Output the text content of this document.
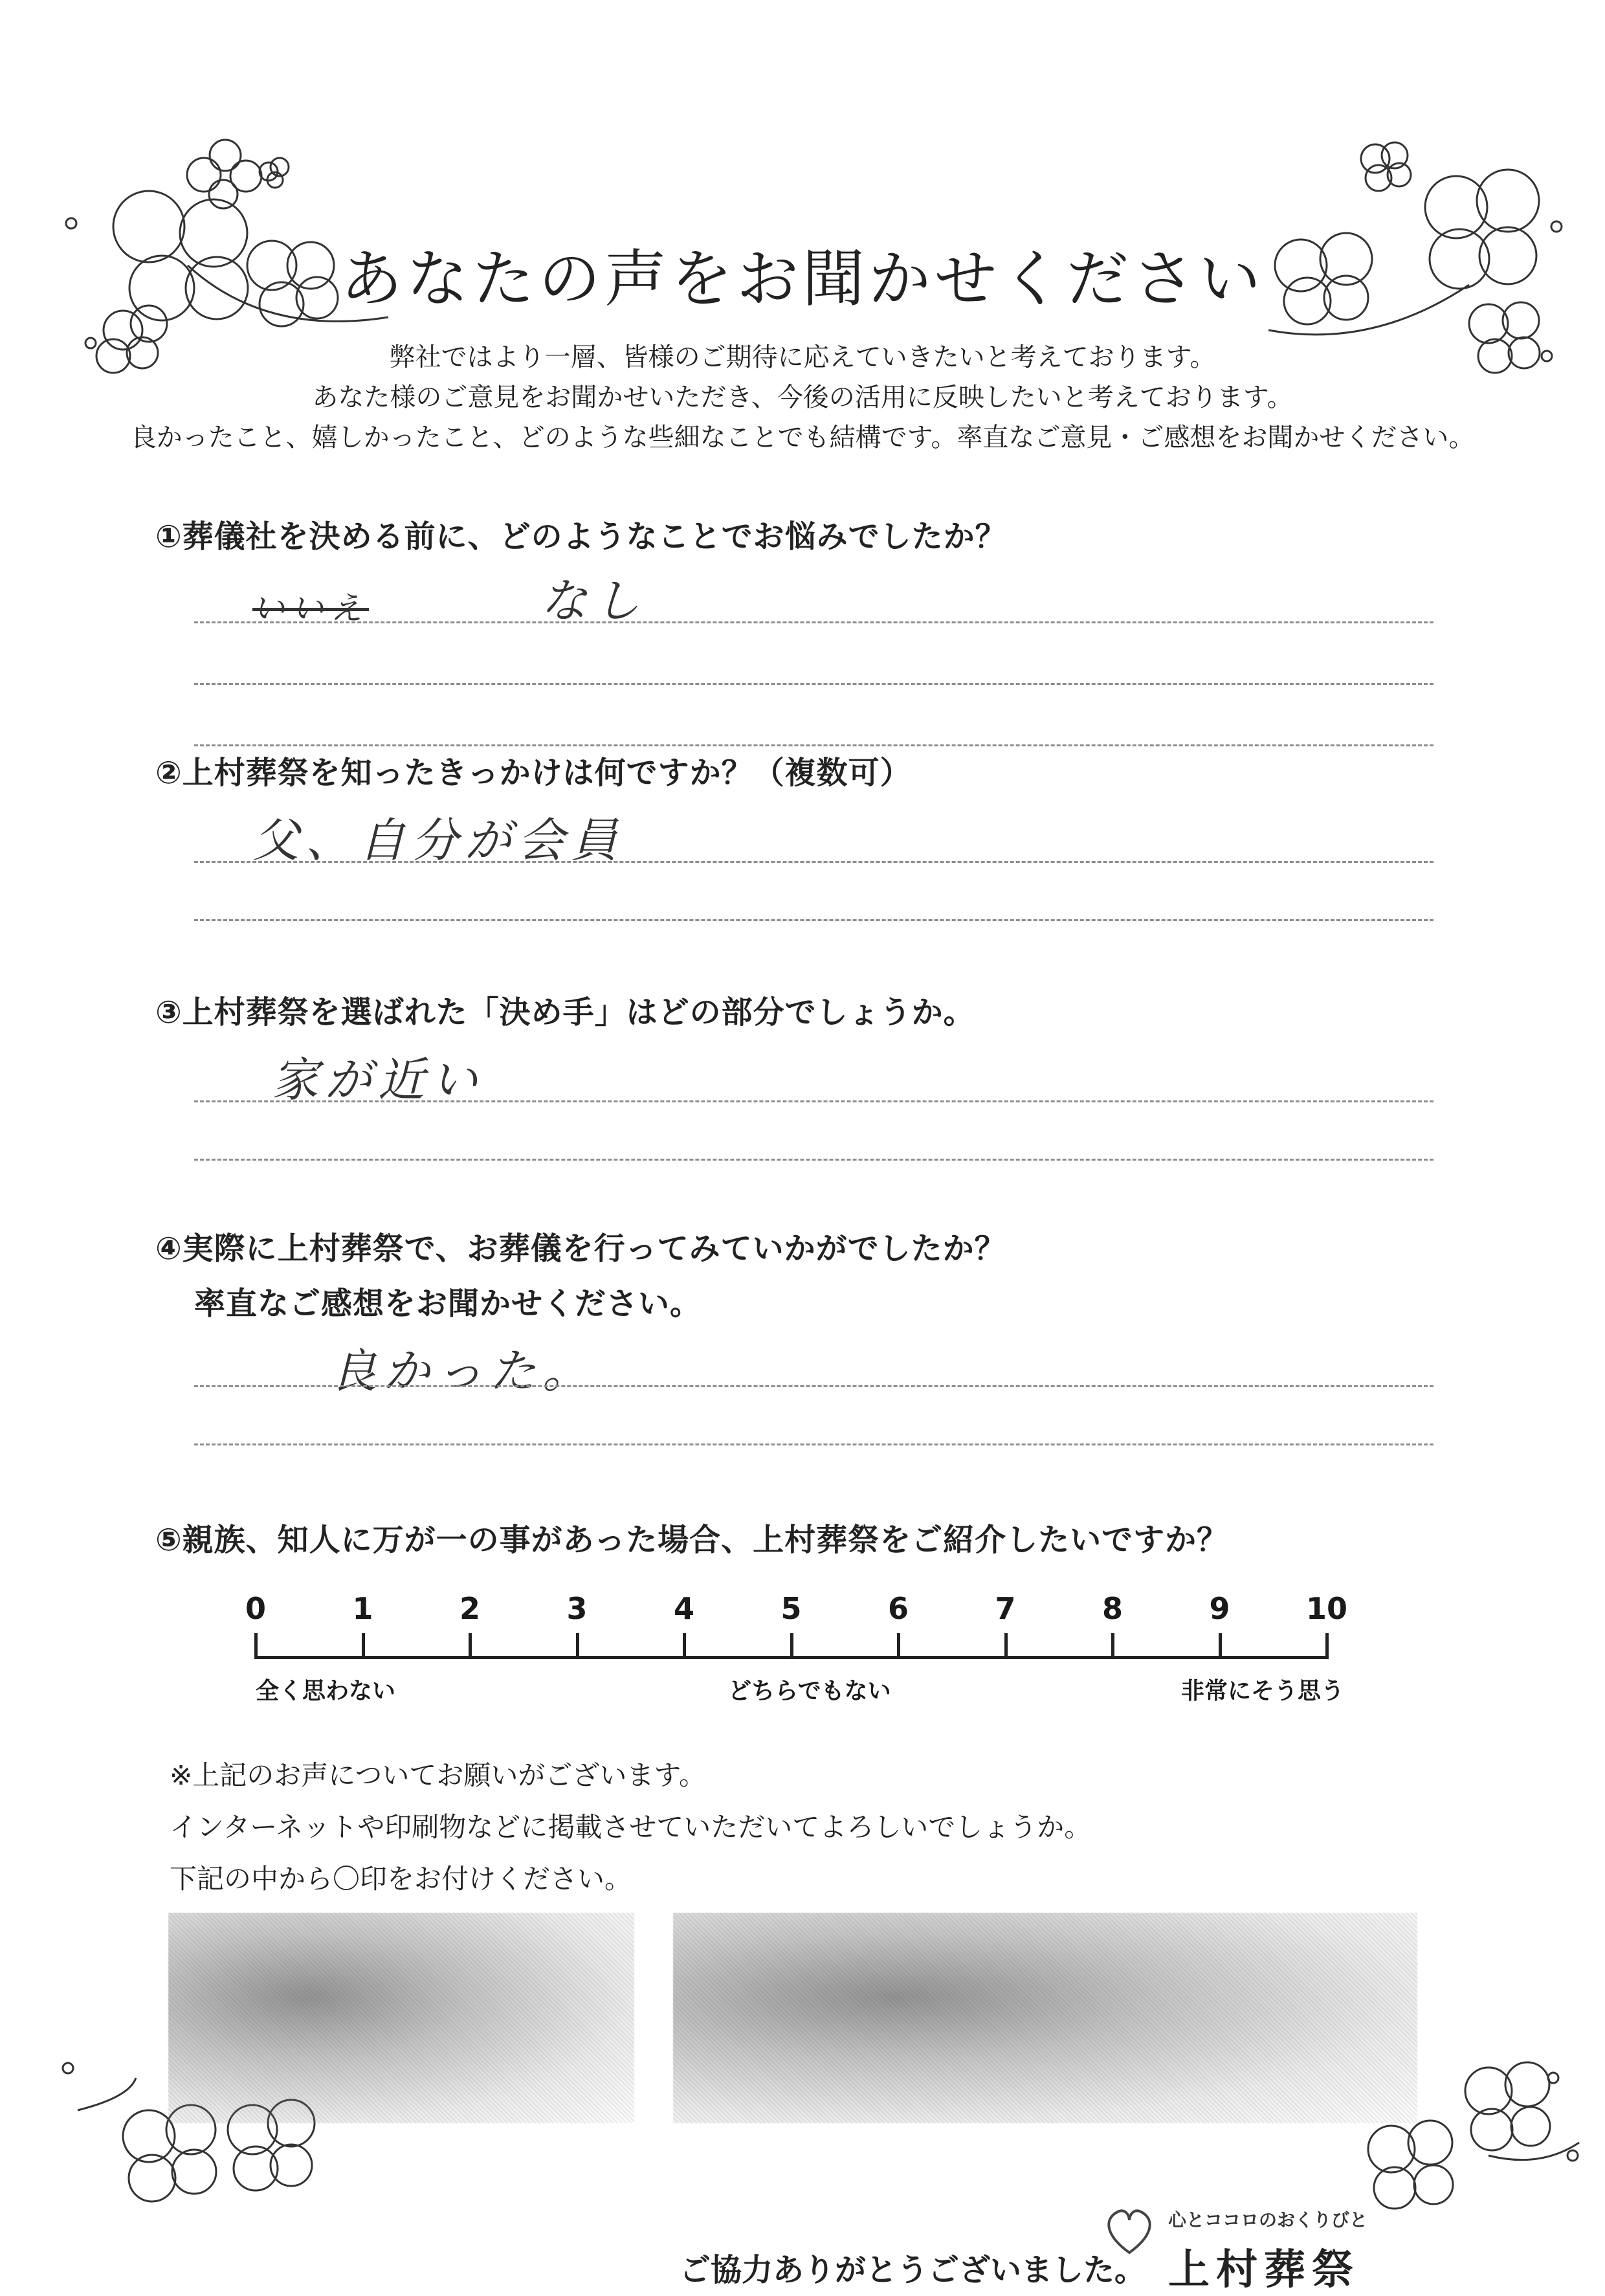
あなたの声をお聞かせください
弊社ではより一層、皆様のご期待に応えていきたいと考えております。
あなた様のご意見をお聞かせいただき、今後の活用に反映したいと考えております。
良かったこと、嬉しかったこと、どのような些細なことでも結構です。率直なご意見・ご感想をお聞かせください。
①葬儀社を決める前に、どのようなことでお悩みでしたか？
いいえ	なし
②上村葬祭を知ったきっかけは何ですか？（複数可）
父、自分が会員
③上村葬祭を選ばれた「決め手」はどの部分でしょうか。
家が近い
④実際に上村葬祭で、お葬儀を行ってみていかがでしたか？
率直なご感想をお聞かせください。
良かった。
⑤親族、知人に万が一の事があった場合、上村葬祭をご紹介したいですか？
0	1	2	3	4	5	6	7	8	9	10
全く思わない	どちらでもない	非常にそう思う
※上記のお声についてお願いがございます。
インターネットや印刷物などに掲載させていただいてよろしいでしょうか。
下記の中から〇印をお付けください。
ご協力ありがとうございました。
心とココロのおくりびと
上村葬祭
